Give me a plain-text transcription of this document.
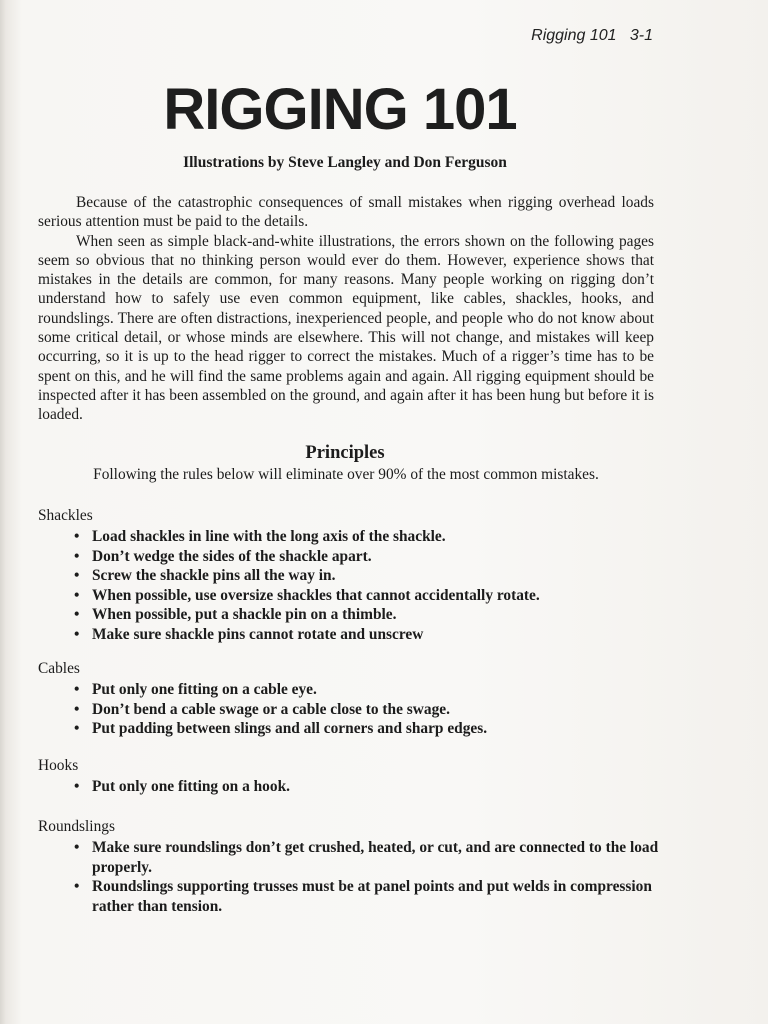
Rigging 101   3-1
RIGGING 101
Illustrations by Steve Langley and Don Ferguson

Because of the catastrophic consequences of small mistakes when rigging overhead loads serious attention must be paid to the details.

When seen as simple black-and-white illustrations, the errors shown on the following pages seem so obvious that no thinking person would ever do them. However, experience shows that mistakes in the details are common, for many reasons. Many people working on rigging don’t understand how to safely use even common equipment, like cables, shackles, hooks, and roundslings. There are often distractions, inexperienced people, and people who do not know about some critical detail, or whose minds are elsewhere. This will not change, and mistakes will keep occurring, so it is up to the head rigger to correct the mistakes. Much of a rigger’s time has to be spent on this, and he will find the same problems again and again. All rigging equipment should be inspected after it has been assembled on the ground, and again after it has been hung but before it is loaded.

Principles
Following the rules below will eliminate over 90% of the most common mistakes.
Shackles
• Load shackles in line with the long axis of the shackle.
• Don’t wedge the sides of the shackle apart.
• Screw the shackle pins all the way in.
• When possible, use oversize shackles that cannot accidentally rotate.
• When possible, put a shackle pin on a thimble.
• Make sure shackle pins cannot rotate and unscrew
Cables
• Put only one fitting on a cable eye.
• Don’t bend a cable swage or a cable close to the swage.
• Put padding between slings and all corners and sharp edges.
Hooks
• Put only one fitting on a hook.
Roundslings
• Make sure roundslings don’t get crushed, heated, or cut, and are connected to the load properly.
• Roundslings supporting trusses must be at panel points and put welds in compression rather than tension.
